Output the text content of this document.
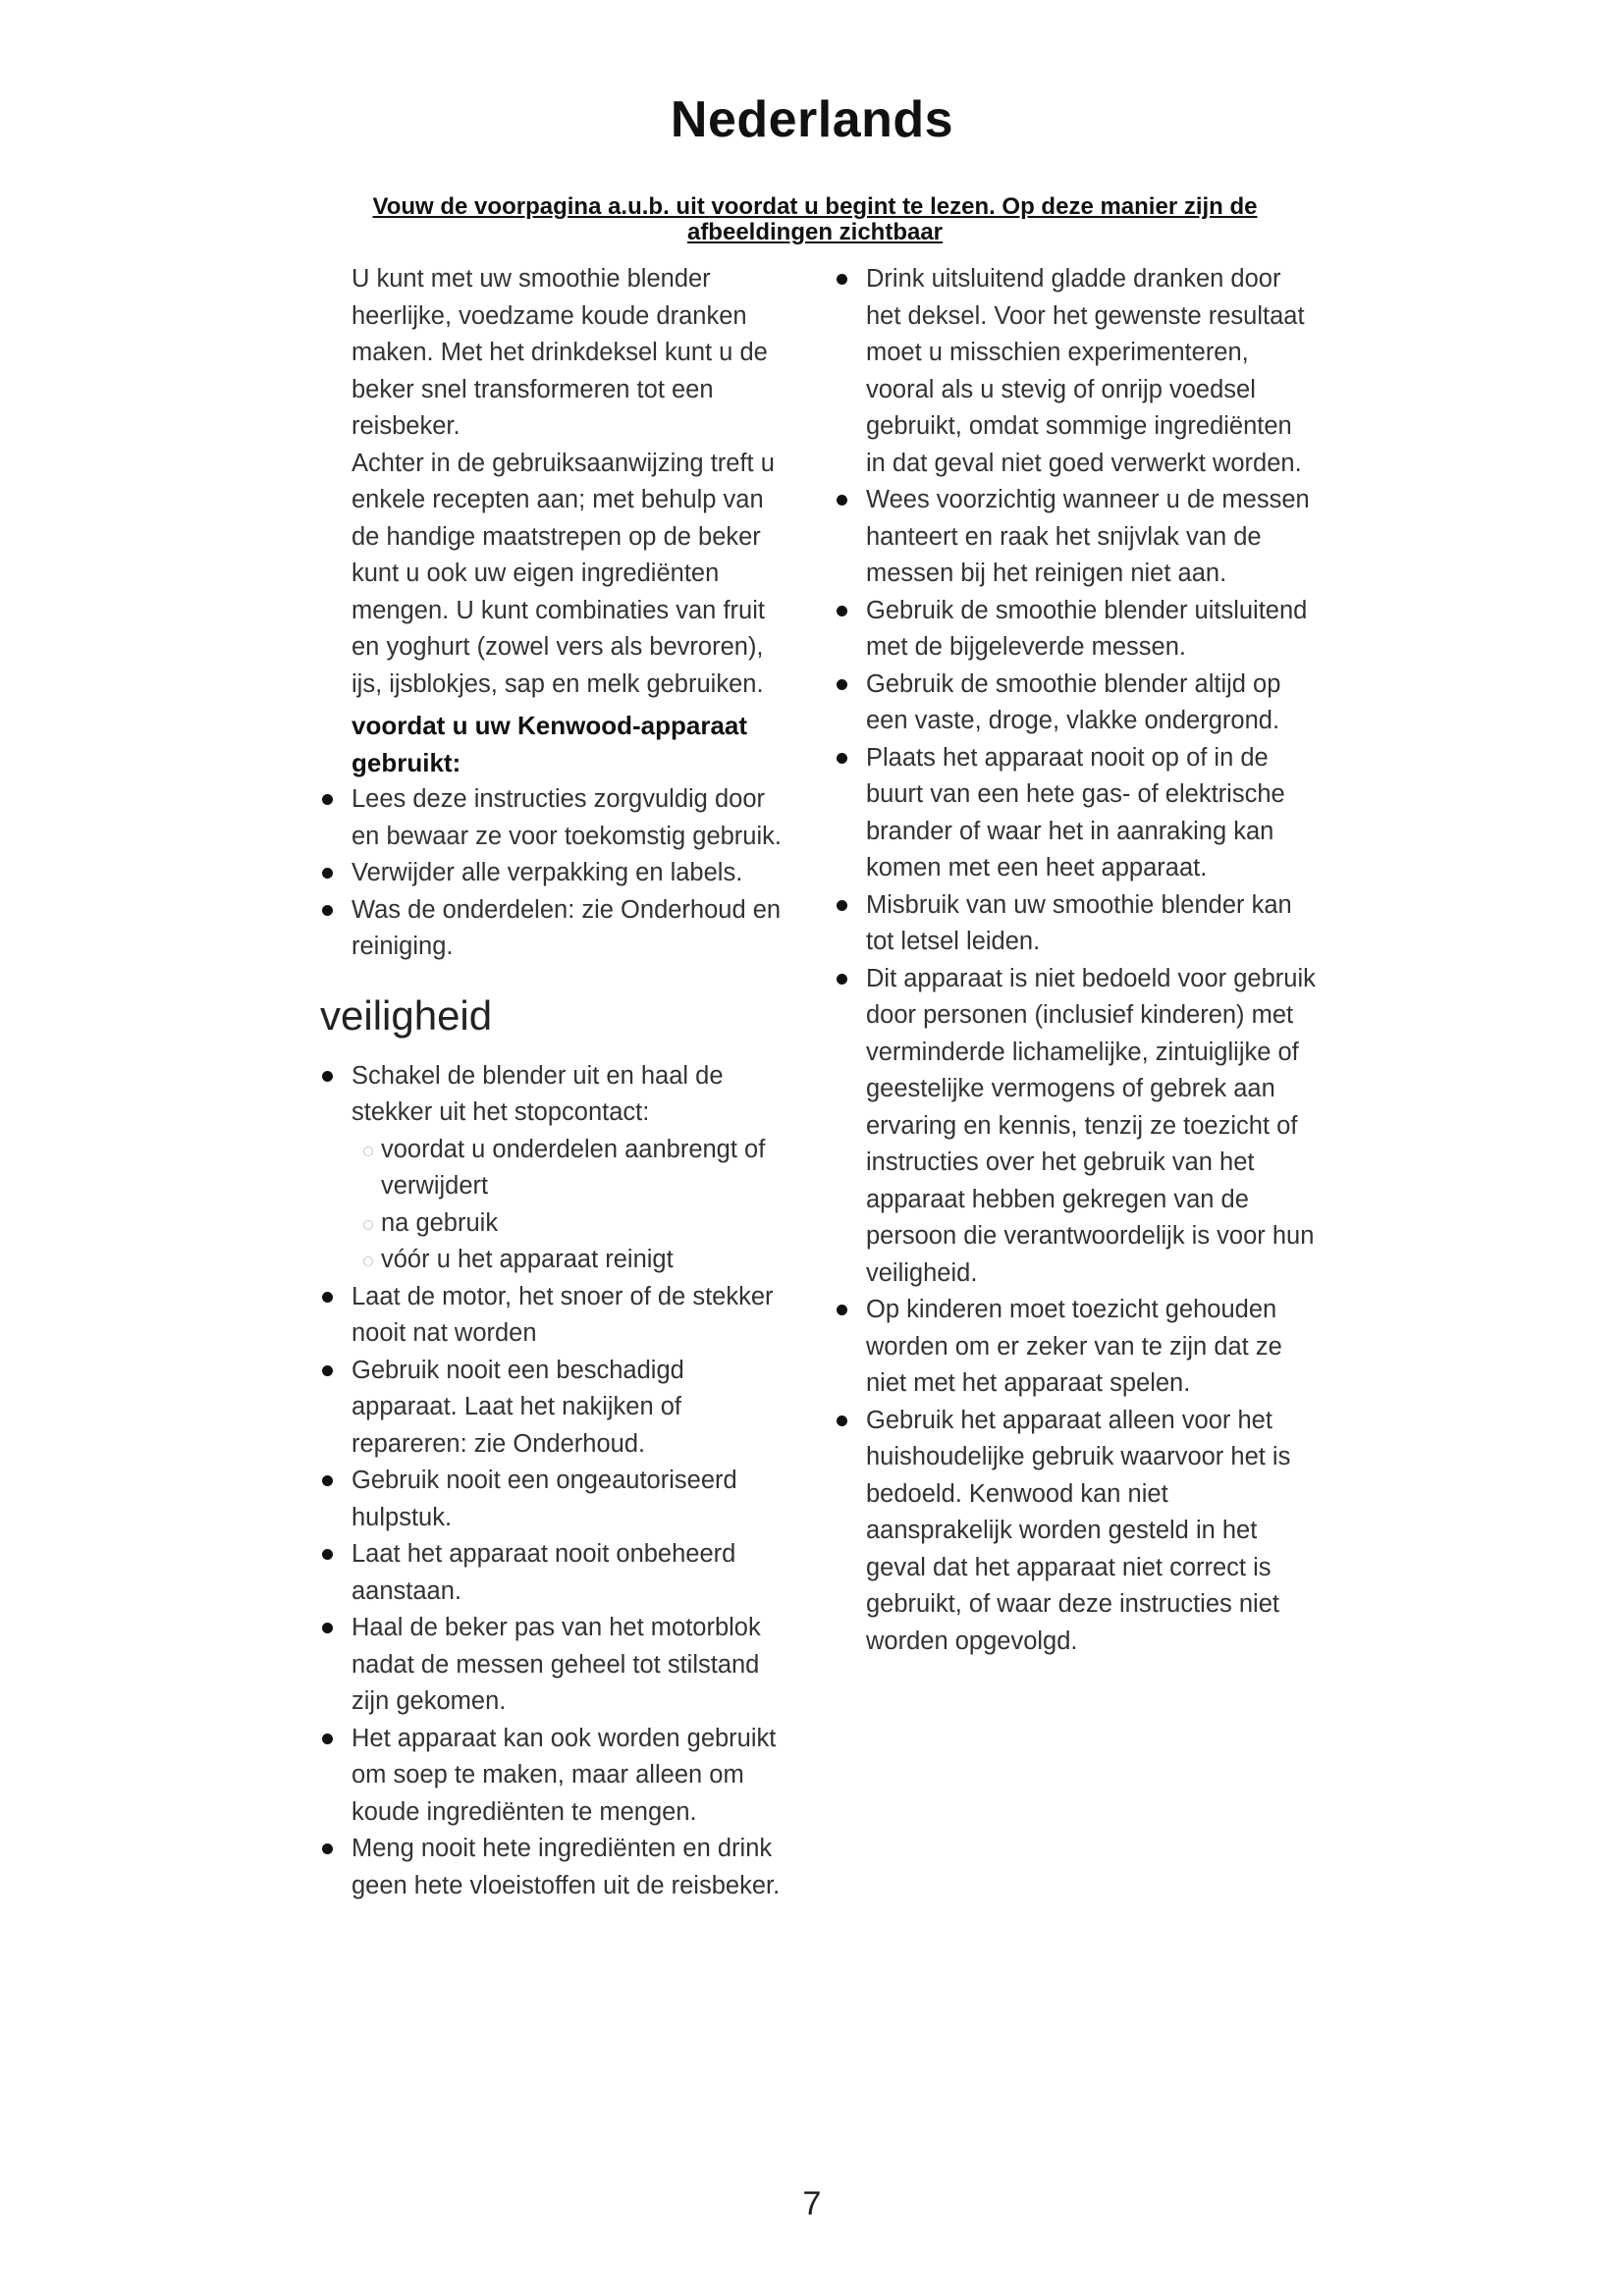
Nederlands
Vouw de voorpagina a.u.b. uit voordat u begint te lezen. Op deze manier zijn de afbeeldingen zichtbaar

U kunt met uw smoothie blender heerlijke, voedzame koude dranken maken. Met het drinkdeksel kunt u de beker snel transformeren tot een reisbeker.

Achter in de gebruiksaanwijzing treft u enkele recepten aan; met behulp van de handige maatstrepen op de beker kunt u ook uw eigen ingrediënten mengen. U kunt combinaties van fruit en yoghurt (zowel vers als bevroren), ijs, ijsblokjes, sap en melk gebruiken.

voordat u uw Kenwood-apparaat gebruikt:
Lees deze instructies zorgvuldig door en bewaar ze voor toekomstig gebruik.
Verwijder alle verpakking en labels.
Was de onderdelen: zie Onderhoud en reiniging.
veiligheid
Schakel de blender uit en haal de stekker uit het stopcontact:
voordat u onderdelen aanbrengt of verwijdert
na gebruik
vóór u het apparaat reinigt
Laat de motor, het snoer of de stekker nooit nat worden
Gebruik nooit een beschadigd apparaat. Laat het nakijken of repareren: zie Onderhoud.
Gebruik nooit een ongeautoriseerd hulpstuk.
Laat het apparaat nooit onbeheerd aanstaan.
Haal de beker pas van het motorblok nadat de messen geheel tot stilstand zijn gekomen.
Het apparaat kan ook worden gebruikt om soep te maken, maar alleen om koude ingrediënten te mengen.
Meng nooit hete ingrediënten en drink geen hete vloeistoffen uit de reisbeker.
Drink uitsluitend gladde dranken door het deksel. Voor het gewenste resultaat moet u misschien experimenteren, vooral als u stevig of onrijp voedsel gebruikt, omdat sommige ingrediënten in dat geval niet goed verwerkt worden.
Wees voorzichtig wanneer u de messen hanteert en raak het snijvlak van de messen bij het reinigen niet aan.
Gebruik de smoothie blender uitsluitend met de bijgeleverde messen.
Gebruik de smoothie blender altijd op een vaste, droge, vlakke ondergrond.
Plaats het apparaat nooit op of in de buurt van een hete gas- of elektrische brander of waar het in aanraking kan komen met een heet apparaat.
Misbruik van uw smoothie blender kan tot letsel leiden.
Dit apparaat is niet bedoeld voor gebruik door personen (inclusief kinderen) met verminderde lichamelijke, zintuiglijke of geestelijke vermogens of gebrek aan ervaring en kennis, tenzij ze toezicht of instructies over het gebruik van het apparaat hebben gekregen van de persoon die verantwoordelijk is voor hun veiligheid.
Op kinderen moet toezicht gehouden worden om er zeker van te zijn dat ze niet met het apparaat spelen.
Gebruik het apparaat alleen voor het huishoudelijke gebruik waarvoor het is bedoeld. Kenwood kan niet aansprakelijk worden gesteld in het geval dat het apparaat niet correct is gebruikt, of waar deze instructies niet worden opgevolgd.
7
